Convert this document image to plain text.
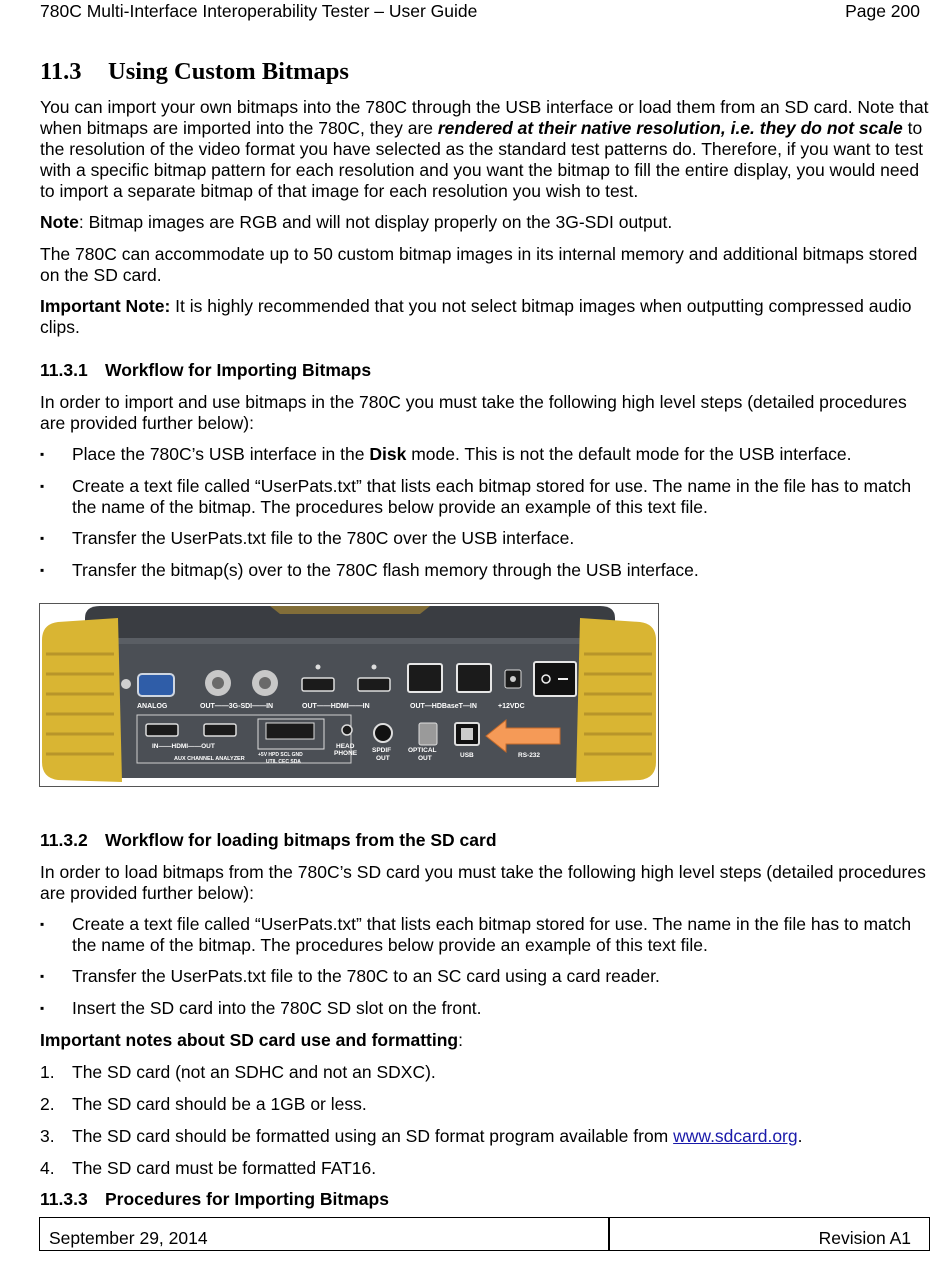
780C Multi-Interface Interoperability Tester – User Guide	Page 200
11.3 Using Custom Bitmaps

You can import your own bitmaps into the 780C through the USB interface or load them from an SD card. Note that when bitmaps are imported into the 780C, they are rendered at their native resolution, i.e. they do not scale to the resolution of the video format you have selected as the standard test patterns do. Therefore, if you want to test with a specific bitmap pattern for each resolution and you want the bitmap to fill the entire display, you would need to import a separate bitmap of that image for each resolution you wish to test.

Note: Bitmap images are RGB and will not display properly on the 3G-SDI output.

The 780C can accommodate up to 50 custom bitmap images in its internal memory and additional bitmaps stored on the SD card.

Important Note: It is highly recommended that you not select bitmap images when outputting compressed audio clips.

11.3.1 Workflow for Importing Bitmaps

In order to import and use bitmaps in the 780C you must take the following high level steps (detailed procedures are provided further below):

▪	Place the 780C’s USB interface in the Disk mode. This is not the default mode for the USB interface.
▪	Create a text file called “UserPats.txt” that lists each bitmap stored for use. The name in the file has to match the name of the bitmap. The procedures below provide an example of this text file.
▪	Transfer the UserPats.txt file to the 780C over the USB interface.
▪	Transfer the bitmap(s) over to the 780C flash memory through the USB interface.
ANALOG	OUT——3G-SDI——IN	OUT——HDMI——IN	OUT—HDBaseT—IN	+12VDC
IN——HDMI——OUT
AUX CHANNEL ANALYZER
+5V HPD SCL GND
UTIL CEC SDA
HEAD
PHONE SPDIF
OUT
OPTICAL
OUT	USB	RS-232
11.3.2 Workflow for loading bitmaps from the SD card

In order to load bitmaps from the 780C’s SD card you must take the following high level steps (detailed procedures are provided further below):

▪	Create a text file called “UserPats.txt” that lists each bitmap stored for use. The name in the file has to match the name of the bitmap. The procedures below provide an example of this text file.
▪	Transfer the UserPats.txt file to the 780C to an SC card using a card reader.
▪	Insert the SD card into the 780C SD slot on the front.

Important notes about SD card use and formatting:

1. The SD card (not an SDHC and not an SDXC).
2. The SD card should be a 1GB or less.
3. The SD card should be formatted using an SD format program available from www.sdcard.org.
4. The SD card must be formatted FAT16.
11.3.3 Procedures for Importing Bitmaps
September 29, 2014	Revision A1
